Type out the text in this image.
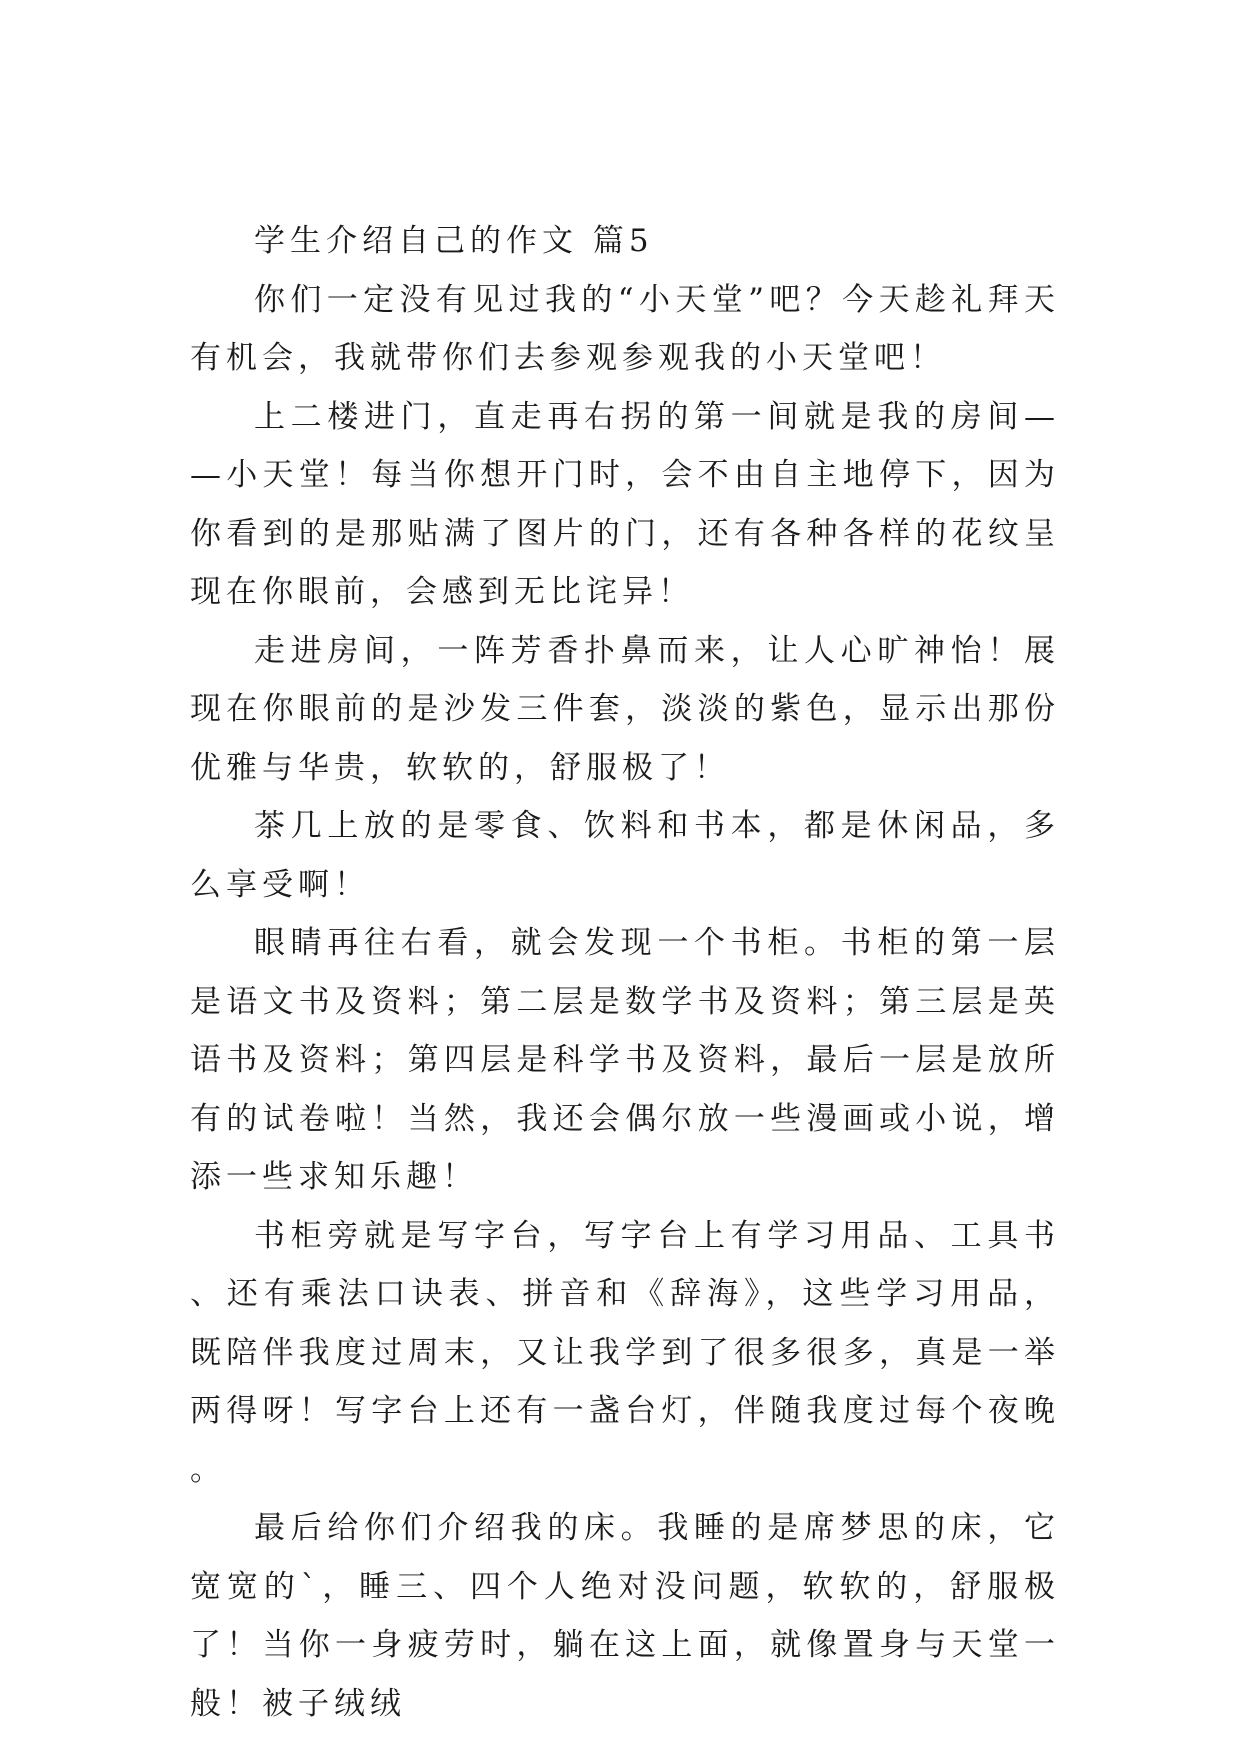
学生介绍自己的作文 篇5

你们一定没有见过我的“小天堂”吧？今天趁礼拜天有机会，我就带你们去参观参观我的小天堂吧！

上二楼进门，直走再右拐的第一间就是我的房间——小天堂！每当你想开门时，会不由自主地停下，因为你看到的是那贴满了图片的门，还有各种各样的花纹呈现在你眼前，会感到无比诧异！

走进房间，一阵芳香扑鼻而来，让人心旷神怡！展现在你眼前的是沙发三件套，淡淡的紫色，显示出那份优雅与华贵，软软的，舒服极了！

茶几上放的是零食、饮料和书本，都是休闲品，多么享受啊！

眼睛再往右看，就会发现一个书柜。书柜的第一层是语文书及资料；第二层是数学书及资料；第三层是英语书及资料；第四层是科学书及资料，最后一层是放所有的试卷啦！当然，我还会偶尔放一些漫画或小说，增添一些求知乐趣！

书柜旁就是写字台，写字台上有学习用品、工具书、还有乘法口诀表、拼音和《辞海》，这些学习用品，既陪伴我度过周末，又让我学到了很多很多，真是一举两得呀！写字台上还有一盏台灯，伴随我度过每个夜晚。

最后给你们介绍我的床。我睡的是席梦思的床，它宽宽的`，睡三、四个人绝对没问题，软软的，舒服极了！当你一身疲劳时，躺在这上面，就像置身与天堂一般！被子绒绒
